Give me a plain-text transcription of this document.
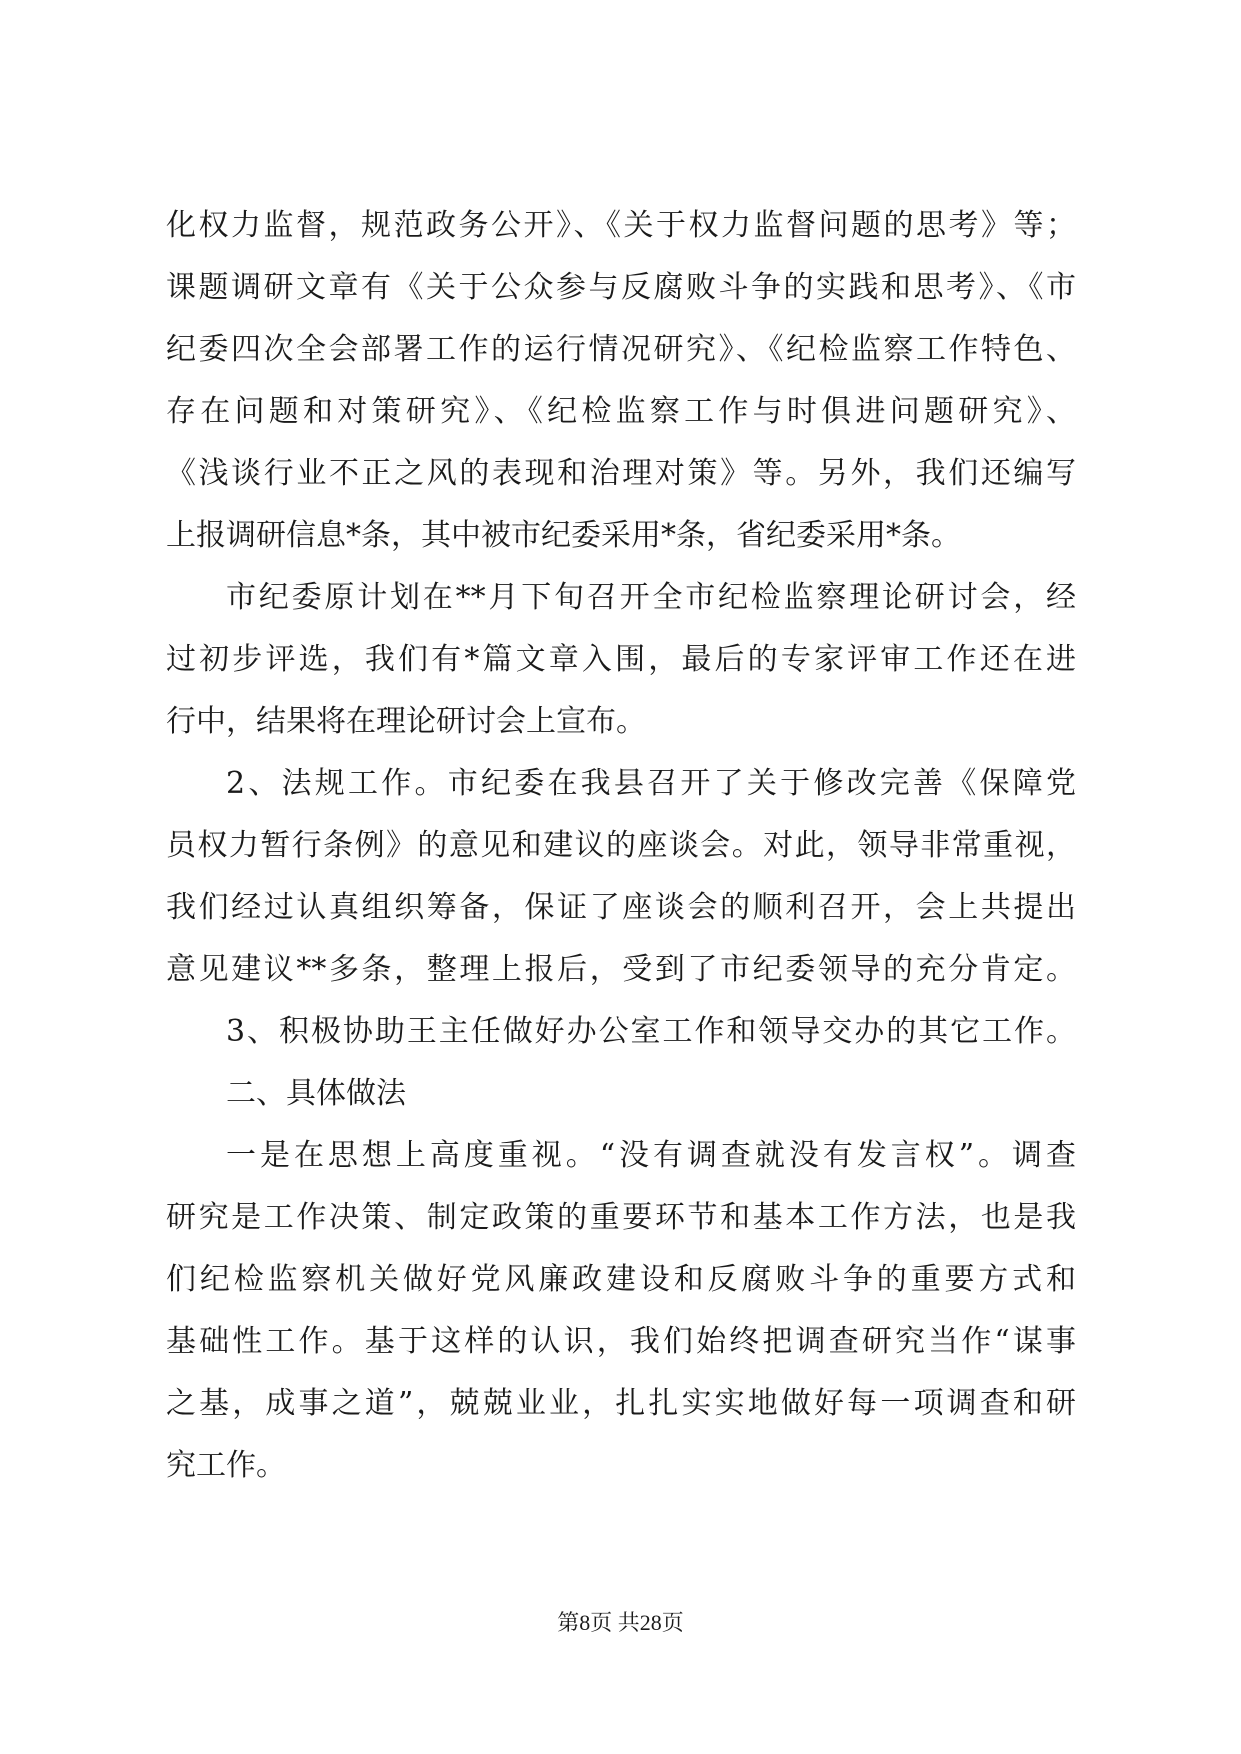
化权力监督，规范政务公开》、《关于权力监督问题的思考》等；
课题调研文章有《关于公众参与反腐败斗争的实践和思考》、《市
纪委四次全会部署工作的运行情况研究》、《纪检监察工作特色、
存在问题和对策研究》、《纪检监察工作与时俱进问题研究》、
《浅谈行业不正之风的表现和治理对策》等。另外，我们还编写
上报调研信息*条，其中被市纪委采用*条，省纪委采用*条。
市纪委原计划在**月下旬召开全市纪检监察理论研讨会，经
过初步评选，我们有*篇文章入围，最后的专家评审工作还在进
行中，结果将在理论研讨会上宣布。
2、法规工作。市纪委在我县召开了关于修改完善《保障党
员权力暂行条例》的意见和建议的座谈会。对此，领导非常重视，
我们经过认真组织筹备，保证了座谈会的顺利召开，会上共提出
意见建议**多条，整理上报后，受到了市纪委领导的充分肯定。
3、积极协助王主任做好办公室工作和领导交办的其它工作。
二、具体做法
一是在思想上高度重视。“没有调查就没有发言权”。调查
研究是工作决策、制定政策的重要环节和基本工作方法，也是我
们纪检监察机关做好党风廉政建设和反腐败斗争的重要方式和
基础性工作。基于这样的认识，我们始终把调查研究当作“谋事
之基，成事之道”，兢兢业业，扎扎实实地做好每一项调查和研
究工作。
第8页 共28页
